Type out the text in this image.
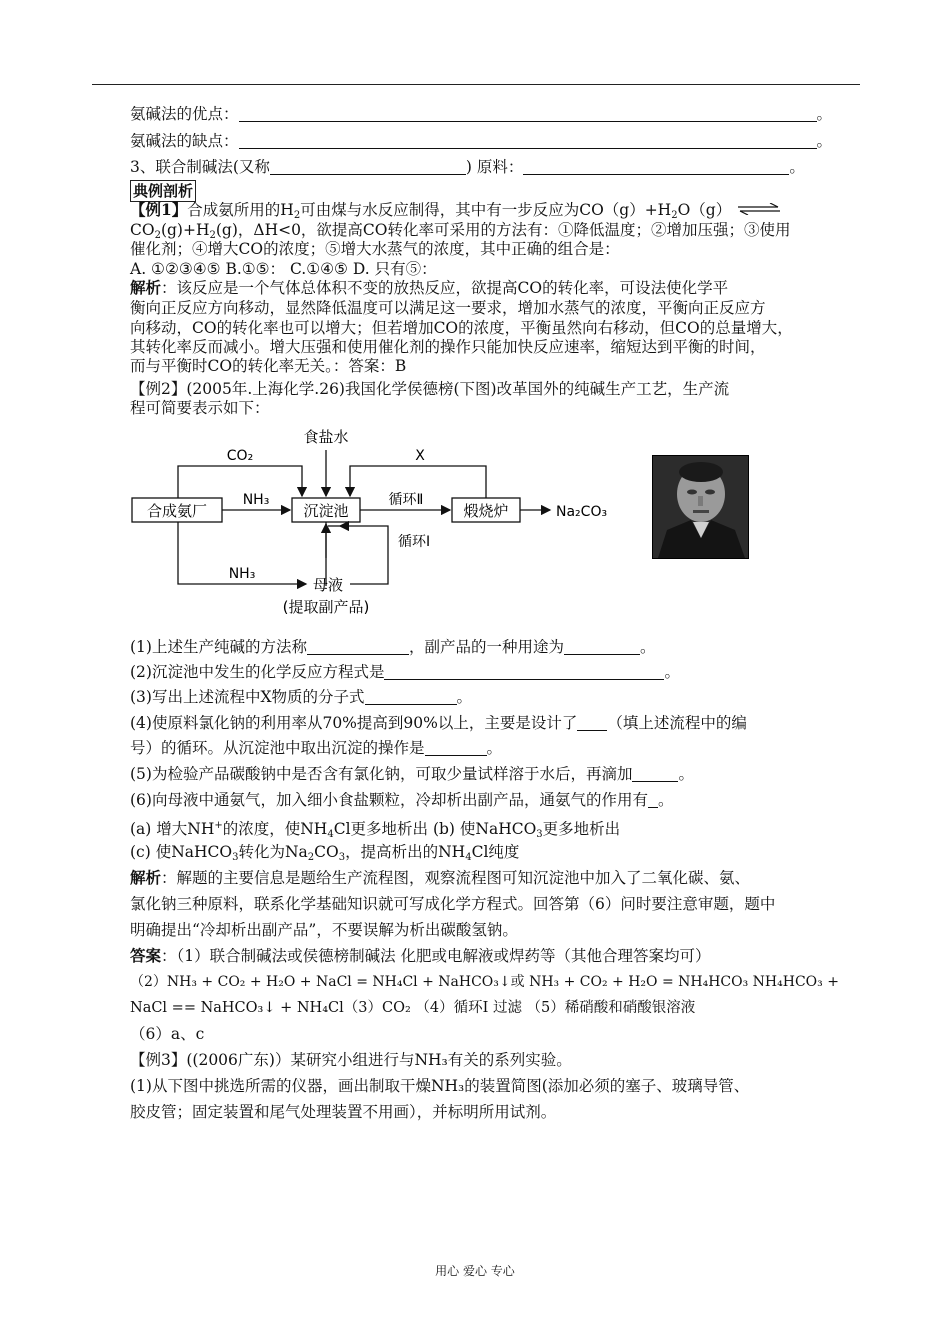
氨碱法的优点：	。
氨碱法的缺点：	。
3、联合制碱法(又称	) 原料：	。
典例剖析
【例1】合成氨所用的$H_2$可由煤与水反应制得，其中有一步反应为$CO(g)+H_2O(g)$ ⇌
$CO_2(g)+H_2(g)$，ΔH<0，欲提高CO转化率可采用的方法有：①降低温度；②增加压强；③使用
催化剂；④增大CO的浓度；⑤增大水蒸气的浓度，其中正确的组合是：
A. ①②③④⑤ B.①⑤： C.①④⑤ D. 只有⑤：
解析：该反应是一个气体总体积不变的放热反应，欲提高CO的转化率，可设法使化学平
衡向正反应方向移动，显然降低温度可以满足这一要求，增加水蒸气的浓度，平衡向正反应方
向移动，CO的转化率也可以增大；但若增加CO的浓度，平衡虽然向右移动，但CO的总量增大，
其转化率反而减小。增大压强和使用催化剂的操作只能加快反应速率，缩短达到平衡的时间，
而与平衡时CO的转化率无关。：答案：B
【例2】(2005年.上海化学.26)我国化学侯德榜(下图)改革国外的纯碱生产工艺，生产流
程可简要表示如下：
食盐水
CO₂	X
合成氨厂
NH₃
沉淀池
循环Ⅱ
煅烧炉	Na₂CO₃
循环I
NH₃
母液
(提取副产品)
(1)上述生产纯碱的方法称	，副产品的一种用途为	。
(2)沉淀池中发生的化学反应方程式是	。
(3)写出上述流程中X物质的分子式	。
(4)使原料氯化钠的利用率从70%提高到90%以上，主要是设计了 （填上述流程中的编
号）的循环。从沉淀池中取出沉淀的操作是	。
(5)为检验产品碳酸钠中是否含有氯化钠，可取少量试样溶于水后，再滴加	。
(6)向母液中通氨气，加入细小食盐颗粒，冷却析出副产品，通氨气的作用有 。
(a) 增大NH+的浓度，使$NH_4Cl$更多地析出 (b) 使NaHCO$_3$更多地析出
(c) 使NaHCO$_3$转化为$Na_2CO_3$，提高析出的$NH_4Cl$纯度
解析：解题的主要信息是题给生产流程图，观察流程图可知沉淀池中加入了二氧化碳、氨、
氯化钠三种原料，联系化学基础知识就可写成化学方程式。回答第（6）问时要注意审题，题中
明确提出“冷却析出副产品”，不要误解为析出碳酸氢钠。
答案：（1）联合制碱法或侯德榜制碱法 化肥或电解液或焊药等（其他合理答案均可）
（2）NH₃ + CO₂ + H₂O + NaCl = NH₄Cl + NaHCO₃↓或 NH₃ + CO₂ + H₂O = NH₄HCO₃ NH₄HCO₃ +
NaCl == NaHCO₃↓ + NH₄Cl（3）CO₂ （4）循环I 过滤 （5）稀硝酸和硝酸银溶液
（6）a、c
【例3】((2006广东)）某研究小组进行与NH₃有关的系列实验。
(1)从下图中挑选所需的仪器，画出制取干燥NH₃的装置简图(添加必须的塞子、玻璃导管、
胶皮管；固定装置和尾气处理装置不用画），并标明所用试剂。
用心 爱心 专心
